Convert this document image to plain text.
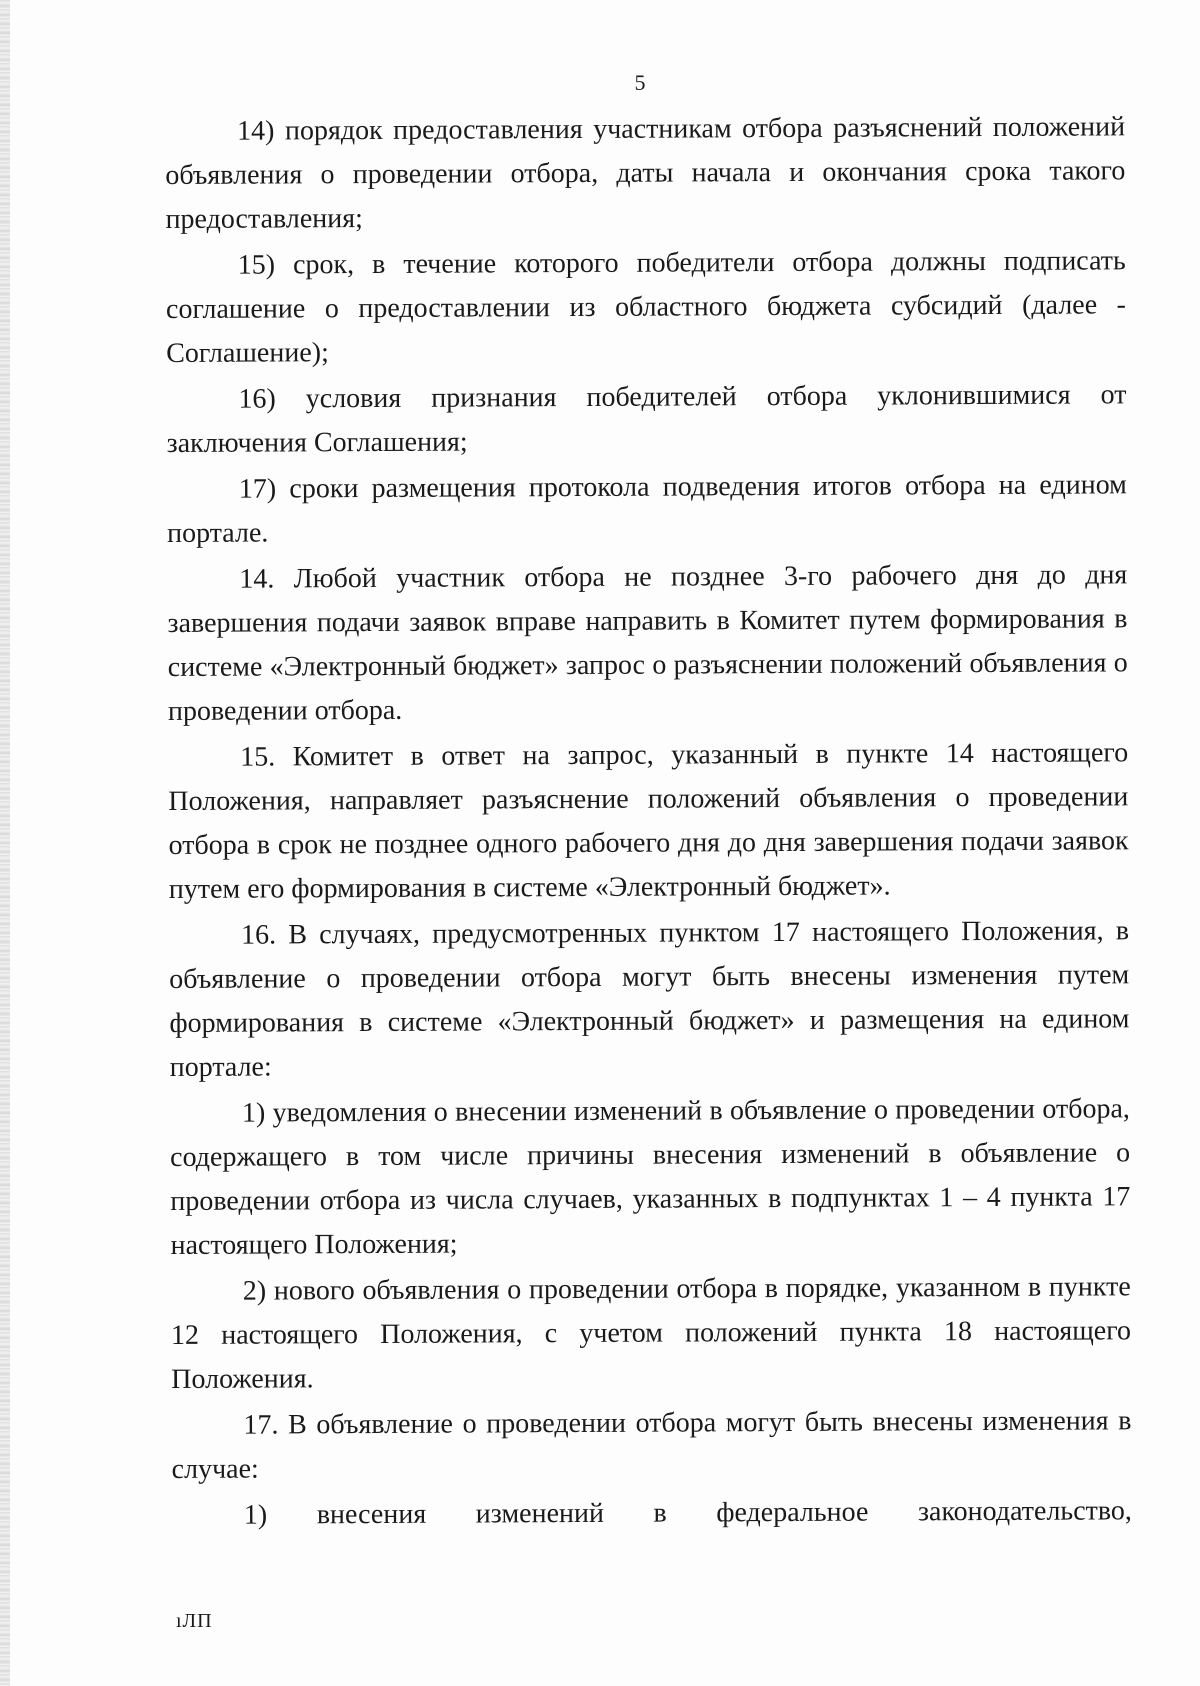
5

14) порядок предоставления участникам отбора разъяснений положений объявления о проведении отбора, даты начала и окончания срока такого предоставления;

15) срок, в течение которого победители отбора должны подписать соглашение о предоставлении из областного бюджета субсидий (далее - Соглашение);

16) условия признания победителей отбора уклонившимися от заключения Соглашения;

17) сроки размещения протокола подведения итогов отбора на едином портале.

14. Любой участник отбора не позднее 3-го рабочего дня до дня завершения подачи заявок вправе направить в Комитет путем формирования в системе «Электронный бюджет» запрос о разъяснении положений объявления о проведении отбора.

15. Комитет в ответ на запрос, указанный в пункте 14 настоящего Положения, направляет разъяснение положений объявления о проведении отбора в срок не позднее одного рабочего дня до дня завершения подачи заявок путем его формирования в системе «Электронный бюджет».

16. В случаях, предусмотренных пунктом 17 настоящего Положения, в объявление о проведении отбора могут быть внесены изменения путем формирования в системе «Электронный бюджет» и размещения на едином портале:

1) уведомления о внесении изменений в объявление о проведении отбора, содержащего в том числе причины внесения изменений в объявление о проведении отбора из числа случаев, указанных в подпунктах 1 – 4 пункта 17 настоящего Положения;

2) нового объявления о проведении отбора в порядке, указанном в пункте 12 настоящего Положения, с учетом положений пункта 18 настоящего Положения.

17. В объявление о проведении отбора могут быть внесены изменения в случае:

1) внесения изменений в федеральное законодательство,

ıЛП
